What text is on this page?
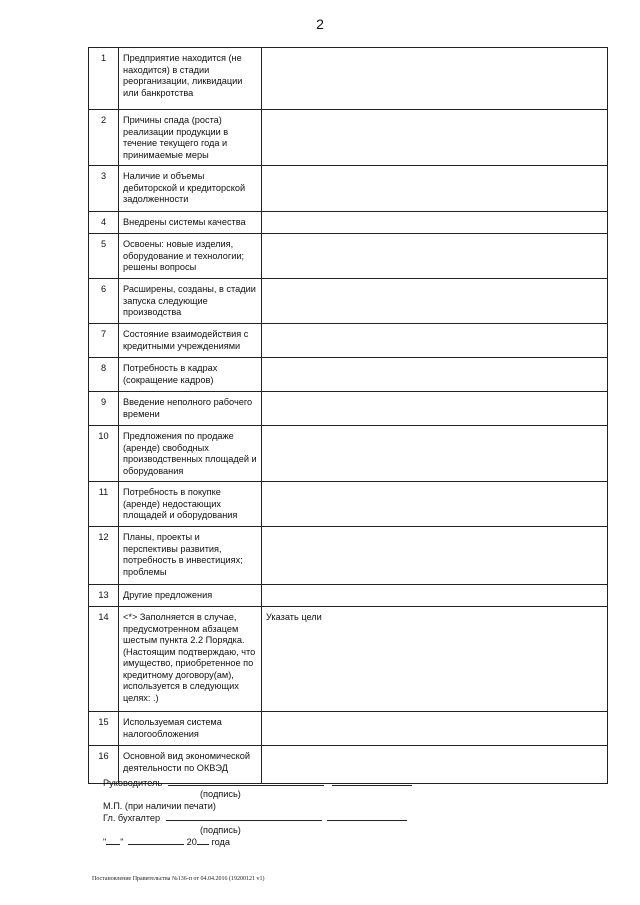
2
1	Предприятие находится (не находится) в стадии реорганизации, ликвидации или банкротства	
2	Причины спада (роста) реализации продукции в течение текущего года и принимаемые меры	
3	Наличие и объемы дебиторской и кредиторской задолженности	
4	Внедрены системы качества	
5	Освоены: новые изделия, оборудование и технологии; решены вопросы	
6	Расширены, созданы, в стадии запуска следующие производства	
7	Состояние взаимодействия с кредитными учреждениями	
8	Потребность в кадрах (сокращение кадров)	
9	Введение неполного рабочего времени	
10	Предложения по продаже (аренде) свободных производственных площадей и оборудования	
11	Потребность в покупке (аренде) недостающих площадей и оборудования	
12	Планы, проекты и перспективы развития, потребность в инвестициях; проблемы	
13	Другие предложения	
14	<*> Заполняется в случае, предусмотренном абзацем шестым пункта 2.2 Порядка. (Настоящим подтверждаю, что имущество, приобретенное по кредитному договору(ам), используется в следующих целях: .)	Указать цели
15	Используемая система налогообложения	
16	Основной вид экономической деятельности по ОКВЭД	
Руководитель
(подпись)
М.П. (при наличии печати)
Гл. бухгалтер
(подпись)
" "	20 года
Постановление Правительства №136-п от 04.04.2016 (19200121 v1)
